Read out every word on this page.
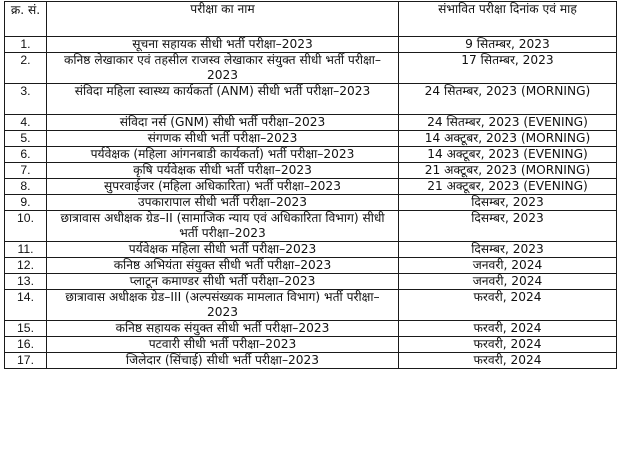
क्र. सं.	परीक्षा का नाम	संभावित परीक्षा दिनांक एवं माह
1.	सूचना सहायक सीधी भर्ती परीक्षा–2023	9 सितम्बर, 2023
2.	कनिष्ठ लेखाकार एवं तहसील राजस्व लेखाकार संयुक्त सीधी भर्ती परीक्षा–2023	17 सितम्बर, 2023
3.	संविदा महिला स्वास्थ्य कार्यकर्ता (ANM) सीधी भर्ती परीक्षा–2023	24 सितम्बर, 2023 (MORNING)
4.	संविदा नर्स (GNM) सीधी भर्ती परीक्षा–2023	24 सितम्बर, 2023 (EVENING)
5.	संगणक सीधी भर्ती परीक्षा–2023	14 अक्टूबर, 2023 (MORNING)
6.	पर्यवेक्षक (महिला आंगनबाडी कार्यकर्ता) भर्ती परीक्षा–2023	14 अक्टूबर, 2023 (EVENING)
7.	कृषि पर्यवेक्षक सीधी भर्ती परीक्षा–2023	21 अक्टूबर, 2023 (MORNING)
8.	सुपरवाईजर (महिला अधिकारिता) भर्ती परीक्षा–2023	21 अक्टूबर, 2023 (EVENING)
9.	उपकारापाल सीधी भर्ती परीक्षा–2023	दिसम्बर, 2023
10.	छात्रावास अधीक्षक ग्रेड–II (सामाजिक न्याय एवं अधिकारिता विभाग) सीधी भर्ती परीक्षा–2023	दिसम्बर, 2023
11.	पर्यवेक्षक महिला सीधी भर्ती परीक्षा–2023	दिसम्बर, 2023
12.	कनिष्ठ अभियंता संयुक्त सीधी भर्ती परीक्षा–2023	जनवरी, 2024
13.	प्लाटून कमाण्डर सीधी भर्ती परीक्षा–2023	जनवरी, 2024
14.	छात्रावास अधीक्षक ग्रेड–III (अल्पसंख्यक मामलात विभाग) भर्ती परीक्षा–2023	फरवरी, 2024
15.	कनिष्ठ सहायक संयुक्त सीधी भर्ती परीक्षा–2023	फरवरी, 2024
16.	पटवारी सीधी भर्ती परीक्षा–2023	फरवरी, 2024
17.	जिलेदार (सिंचाई) सीधी भर्ती परीक्षा–2023	फरवरी, 2024
